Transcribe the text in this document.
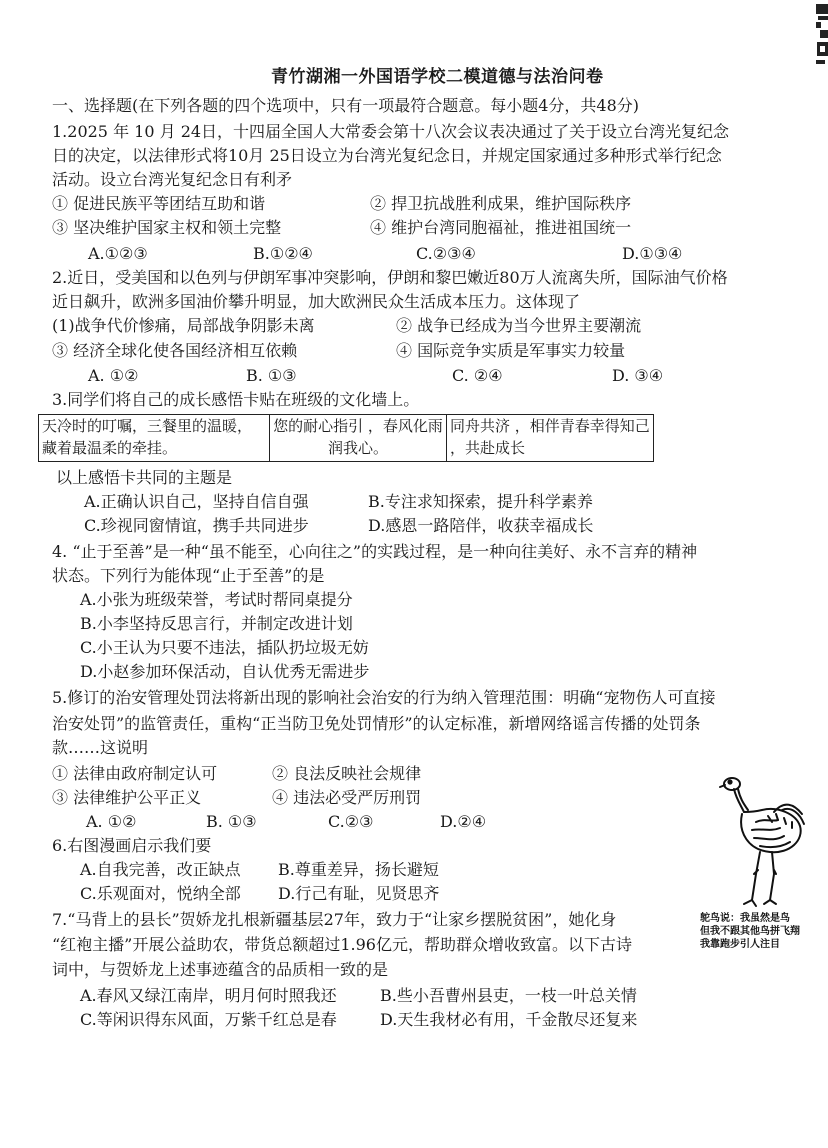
青竹湖湘一外国语学校二模道德与法治问卷
一、选择题(在下列各题的四个选项中，只有一项最符合题意。每小题4分，共48分)
1.2025 年 10 月 24日，十四届全国人大常委会第十八次会议表决通过了关于设立台湾光复纪念
日的决定，以法律形式将10月 25日设立为台湾光复纪念日，并规定国家通过多种形式举行纪念
活动。设立台湾光复纪念日有利矛
① 促进民族平等团结互助和谐	② 捍卫抗战胜利成果，维护国际秩序
③ 坚决维护国家主权和领土完整	④ 维护台湾同胞福祉，推进祖国统一
A.①②③	B.①②④	C.②③④	D.①③④
2.近日，受美国和以色列与伊朗军事冲突影响，伊朗和黎巴嫩近80万人流离失所，国际油气价格
近日飙升，欧洲多国油价攀升明显，加大欧洲民众生活成本压力。这体现了
(1)战争代价惨痛，局部战争阴影未离	② 战争已经成为当今世界主要潮流
③ 经济全球化使各国经济相互依赖	④ 国际竞争实质是军事实力较量
A. ①②	B. ①③	C. ②④	D. ③④
3.同学们将自己的成长感悟卡贴在班级的文化墙上。
天冷时的叮嘱，三餐里的温暖，藏着最温柔的牵挂。	您的耐心指引 ，春风化雨润我心。	同舟共济 ，相伴青春幸得知己 ，共赴成长
以上感悟卡共同的主题是
A.正确认识自己，坚持自信自强	B.专注求知探索，提升科学素养
C.珍视同窗情谊，携手共同进步	D.感恩一路陪伴，收获幸福成长
4. “止于至善”是一种“虽不能至，心向往之”的实践过程，是一种向往美好、永不言弃的精神
状态。下列行为能体现“止于至善”的是
A.小张为班级荣誉，考试时帮同桌提分
B.小李坚持反思言行，并制定改进计划
C.小王认为只要不违法，插队扔垃圾无妨
D.小赵参加环保活动，自认优秀无需进步
5.修订的治安管理处罚法将新出现的影响社会治安的行为纳入管理范围：明确“宠物伤人可直接
治安处罚”的监管责任，重构“正当防卫免处罚情形”的认定标准，新增网络谣言传播的处罚条
款……这说明
① 法律由政府制定认可	② 良法反映社会规律
③ 法律维护公平正义	④ 违法必受严厉刑罚
A. ①②	B. ①③	C.②③	D.②④
6.右图漫画启示我们要
A.自我完善，改正缺点 B.尊重差异，扬长避短
C.乐观面对，悦纳全部 D.行己有耻，见贤思齐
鸵鸟说：我虽然是鸟
但我不跟其他鸟拼飞翔
我靠跑步引人注目
7.“马背上的县长”贺娇龙扎根新疆基层27年，致力于“让家乡摆脱贫困”，她化身
“红袍主播”开展公益助农，带货总额超过1.96亿元，帮助群众增收致富。以下古诗
词中，与贺娇龙上述事迹蕴含的品质相一致的是
A.春风又绿江南岸，明月何时照我还	B.些小吾曹州县吏，一枝一叶总关情
C.等闲识得东风面，万紫千红总是春	D.天生我材必有用，千金散尽还复来
